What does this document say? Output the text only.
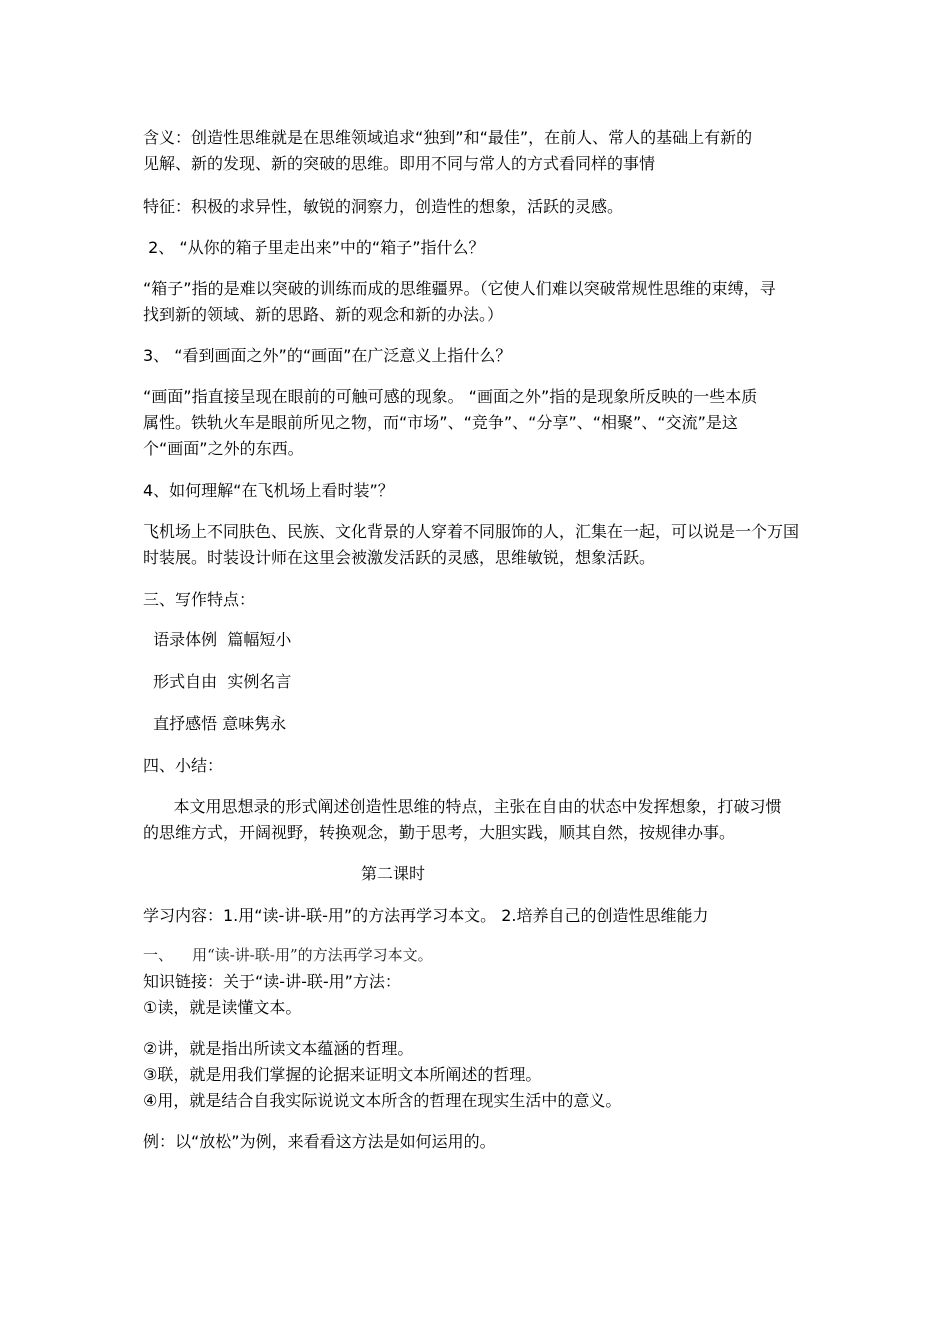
含义：创造性思维就是在思维领域追求“独到”和“最佳”，在前人、常人的基础上有新的
见解、新的发现、新的突破的思维。即用不同与常人的方式看同样的事情
特征：积极的求异性，敏锐的洞察力，创造性的想象，活跃的灵感。
2、 “从你的箱子里走出来”中的“箱子”指什么？
“箱子”指的是难以突破的训练而成的思维疆界。（它使人们难以突破常规性思维的束缚，寻
找到新的领域、新的思路、新的观念和新的办法。）
3、 “看到画面之外”的“画面”在广泛意义上指什么？
“画面”指直接呈现在眼前的可触可感的现象。 “画面之外”指的是现象所反映的一些本质
属性。铁轨火车是眼前所见之物，而“市场”、“竞争”、“分享”、“相聚”、“交流”是这
个“画面”之外的东西。
4、如何理解“在飞机场上看时装”？
飞机场上不同肤色、民族、文化背景的人穿着不同服饰的人，汇集在一起，可以说是一个万国
时装展。时装设计师在这里会被激发活跃的灵感，思维敏锐，想象活跃。
三、写作特点：
语录体例  篇幅短小
形式自由  实例名言
直抒感悟 意味隽永
四、小结：
本文用思想录的形式阐述创造性思维的特点，主张在自由的状态中发挥想象，打破习惯
的思维方式，开阔视野，转换观念，勤于思考，大胆实践，顺其自然，按规律办事。
第二课时
学习内容：1.用“读-讲-联-用”的方法再学习本文。 2.培养自己的创造性思维能力
一、    用“读-讲-联-用”的方法再学习本文。
知识链接：关于“读-讲-联-用”方法：
①读，就是读懂文本。
②讲，就是指出所读文本蕴涵的哲理。
③联，就是用我们掌握的论据来证明文本所阐述的哲理。
④用，就是结合自我实际说说文本所含的哲理在现实生活中的意义。
例：以“放松”为例，来看看这方法是如何运用的。
